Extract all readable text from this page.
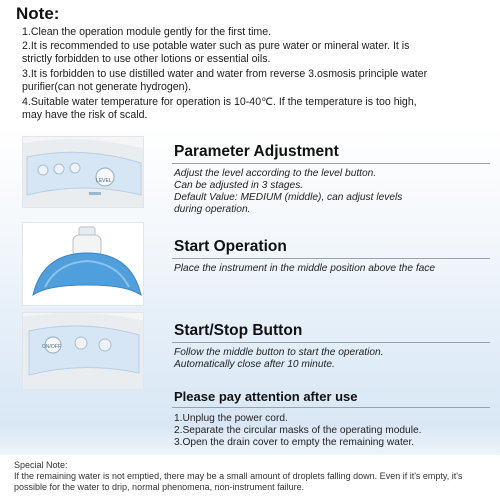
Note:
1.Clean the operation module gently for the first time.
2.It is recommended to use potable water such as pure water or mineral water. It is
strictly forbidden to use other lotions or essential oils.
3.It is forbidden to use distilled water and water from reverse 3.osmosis principle water
purifier(can not generate hydrogen).
4.Suitable water temperature for operation is 10-40℃. If the temperature is too high,
may have the risk of scald.
LEVEL
ON/OFF
Parameter Adjustment
Adjust the level according to the level button.
Can be adjusted in 3 stages.
Default Value: MEDIUM (middle), can adjust levels
during operation.
Start Operation
Place the instrument in the middle position above the face
Start/Stop Button
Follow the middle button to start the operation.
Automatically close after 10 minute.
Please pay attention after use
1.Unplug the power cord.
2.Separate the circular masks of the operating module.
3.Open the drain cover to empty the remaining water.
Special Note:
If the remaining water is not emptied, there may be a small amount of droplets falling down. Even if it's empty, it's
possible for the water to drip, normal phenomena, non-instrument failure.
